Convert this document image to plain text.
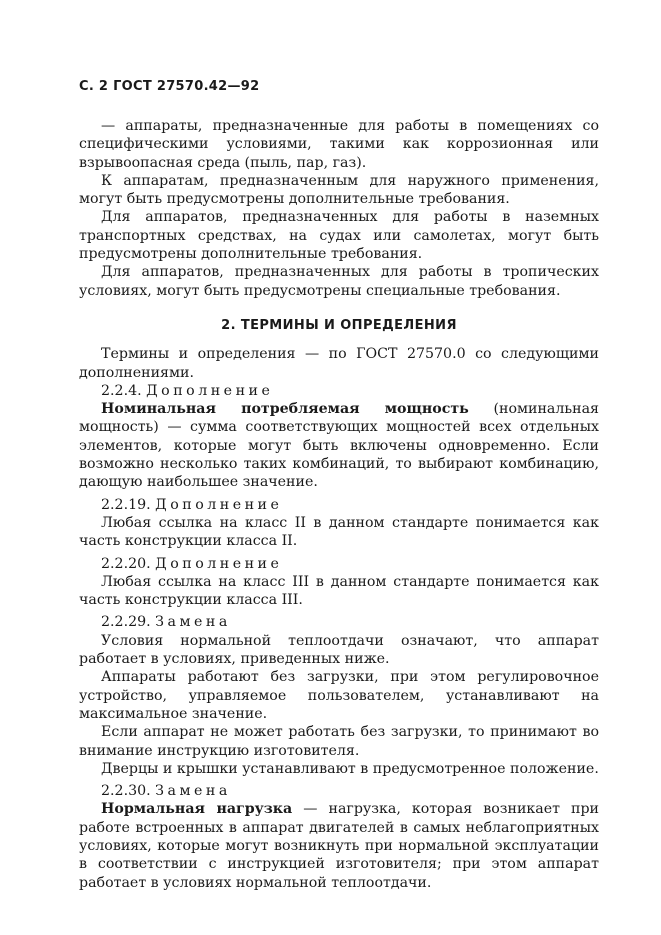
С. 2 ГОСТ 27570.42—92

— аппараты, предназначенные для работы в помещениях со специфическими условиями, такими как коррозионная или взрывоопасная среда (пыль, пар, газ).

К аппаратам, предназначенным для наружного применения, могут быть предусмотрены дополнительные требования.

Для аппаратов, предназначенных для работы в наземных транспортных средствах, на судах или самолетах, могут быть предусмотрены дополнительные требования.

Для аппаратов, предназначенных для работы в тропических условиях, могут быть предусмотрены специальные требования.

2. ТЕРМИНЫ И ОПРЕДЕЛЕНИЯ

Термины и определения — по ГОСТ 27570.0 со следующими дополнениями.

2.2.4. Дополнение

Номинальная потребляемая мощность (номинальная мощность) — сумма соответствующих мощностей всех отдельных элементов, которые могут быть включены одновременно. Если возможно несколько таких комбинаций, то выбирают комбинацию, дающую наибольшее значение.

2.2.19. Дополнение

Любая ссылка на класс II в данном стандарте понимается как часть конструкции класса II.

2.2.20. Дополнение

Любая ссылка на класс III в данном стандарте понимается как часть конструкции класса III.

2.2.29. Замена

Условия нормальной теплоотдачи означают, что аппарат работает в условиях, приведенных ниже.

Аппараты работают без загрузки, при этом регулировочное устройство, управляемое пользователем, устанавливают на максимальное значение.

Если аппарат не может работать без загрузки, то принимают во внимание инструкцию изготовителя.

Дверцы и крышки устанавливают в предусмотренное положение.

2.2.30. Замена

Нормальная нагрузка — нагрузка, которая возникает при работе встроенных в аппарат двигателей в самых неблагоприятных условиях, которые могут возникнуть при нормальной эксплуатации в соответствии с инструкцией изготовителя; при этом аппарат работает в условиях нормальной теплоотдачи.
